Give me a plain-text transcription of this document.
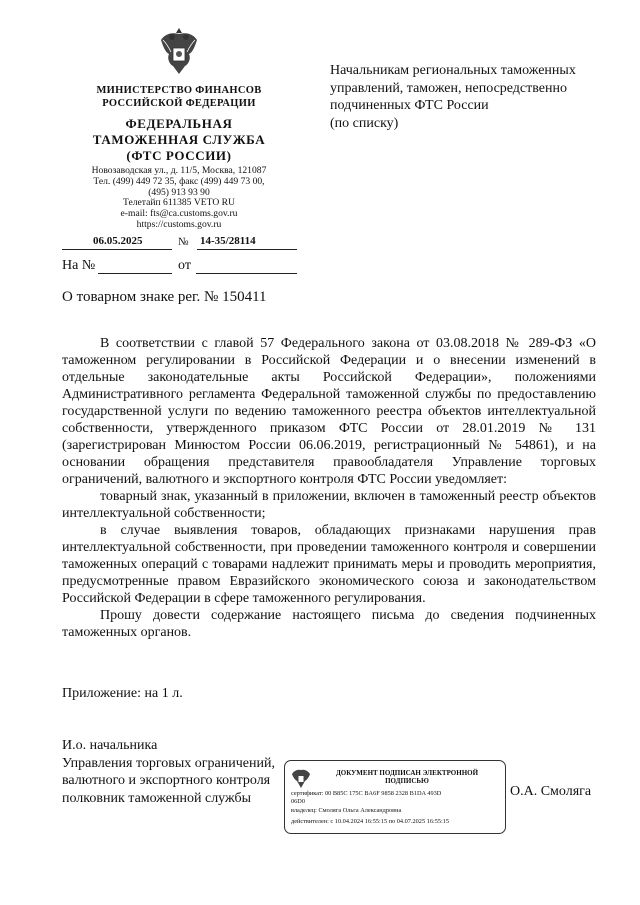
МИНИСТЕРСТВО ФИНАНСОВ
РОССИЙСКОЙ ФЕДЕРАЦИИ
ФЕДЕРАЛЬНАЯ
ТАМОЖЕННАЯ СЛУЖБА
(ФТС РОССИИ)
Новозаводская ул., д. 11/5, Москва, 121087
Тел. (499) 449 72 35, факс (499) 449 73 00,
(495) 913 93 90
Телетайп 611385 VETO RU
e-mail: fts@ca.customs.gov.ru
https://customs.gov.ru
Начальникам региональных таможенных
управлений, таможен, непосредственно
подчиненных ФТС России
(по списку)
06.05.2025	№ 14-35/28114
На №	от
О товарном знаке рег. № 150411

В соответствии с главой 57 Федерального закона от 03.08.2018 № 289-ФЗ «О таможенном регулировании в Российской Федерации и о внесении изменений в отдельные законодательные акты Российской Федерации», положениями Административного регламента Федеральной таможенной службы по предоставлению государственной услуги по ведению таможенного реестра объектов интеллектуальной собственности, утвержденного приказом ФТС России от 28.01.2019 № 131 (зарегистрирован Минюстом России 06.06.2019, регистрационный № 54861), и на основании обращения представителя правообладателя Управление торговых ограничений, валютного и экспортного контроля ФТС России уведомляет:

товарный знак, указанный в приложении, включен в таможенный реестр объектов интеллектуальной собственности;

в случае выявления товаров, обладающих признаками нарушения прав интеллектуальной собственности, при проведении таможенного контроля и совершении таможенных операций с товарами надлежит принимать меры и проводить мероприятия, предусмотренные правом Евразийского экономического союза и законодательством Российской Федерации в сфере таможенного регулирования.

Прошу довести содержание настоящего письма до сведения подчиненных таможенных органов.

Приложение: на 1 л.
И.о. начальника
Управления торговых ограничений,
валютного и экспортного контроля
полковник таможенной службы
ДОКУМЕНТ ПОДПИСАН ЭЛЕКТРОННОЙ
ПОДПИСЬЮ
сертификат: 00 B85C 175C BA6F 9858 2328 B1DA 493D
06D0
владелец: Смоляга Ольга Александровна
действителен: с 10.04.2024 16:55:15 по 04.07.2025 16:55:15
О.А. Смоляга
